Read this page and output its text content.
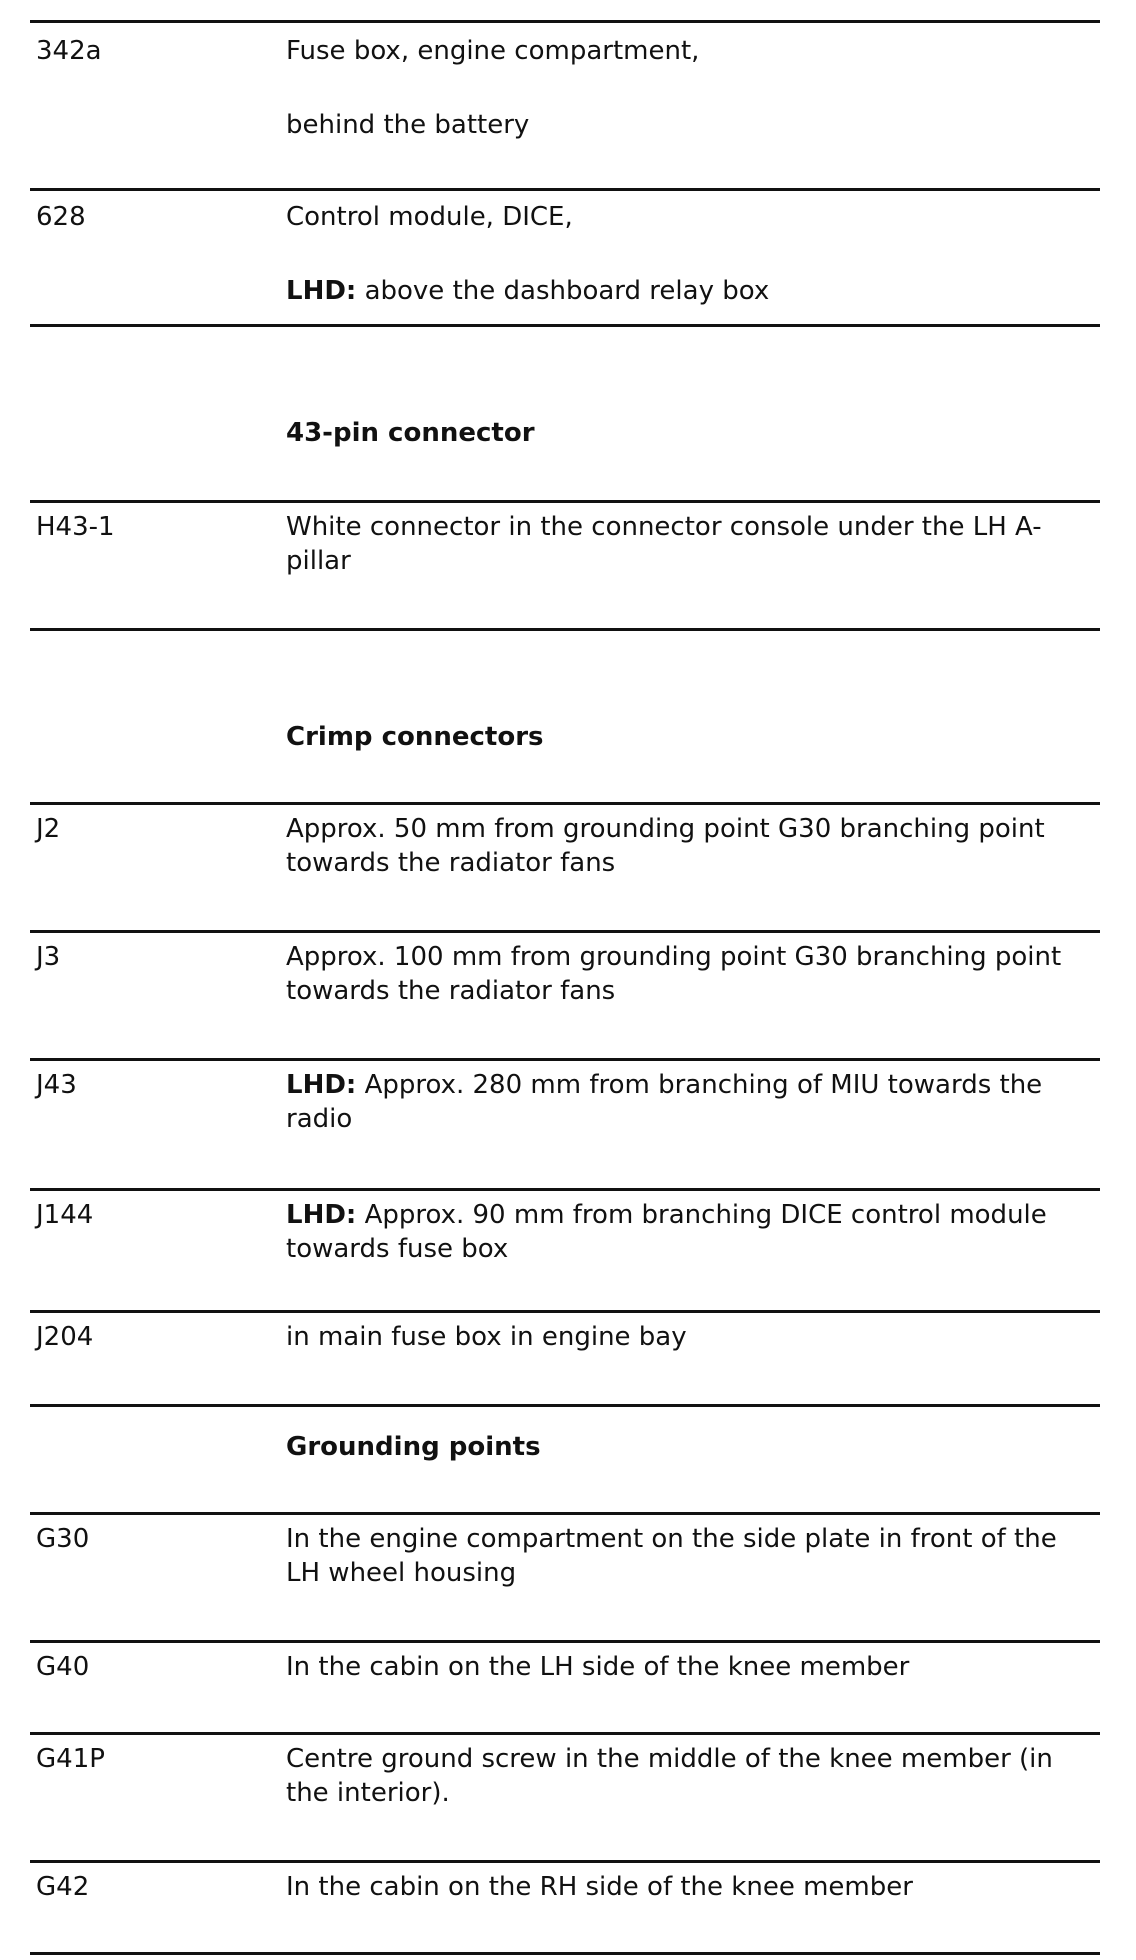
342a	Fuse box, engine compartment,
behind the battery
628	Control module, DICE,
LHD: above the dashboard relay box
43-pin connector
H43-1	White connector in the connector console under the LH A-pillar
Crimp connectors
J2	Approx. 50 mm from grounding point G30 branching point towards the radiator fans
J3	Approx. 100 mm from grounding point G30 branching point towards the radiator fans
J43	LHD: Approx. 280 mm from branching of MIU towards the radio
J144	LHD: Approx. 90 mm from branching DICE control module towards fuse box
J204	in main fuse box in engine bay
Grounding points
G30	In the engine compartment on the side plate in front of the LH wheel housing
G40	In the cabin on the LH side of the knee member
G41P	Centre ground screw in the middle of the knee member (in the interior).
G42	In the cabin on the RH side of the knee member
